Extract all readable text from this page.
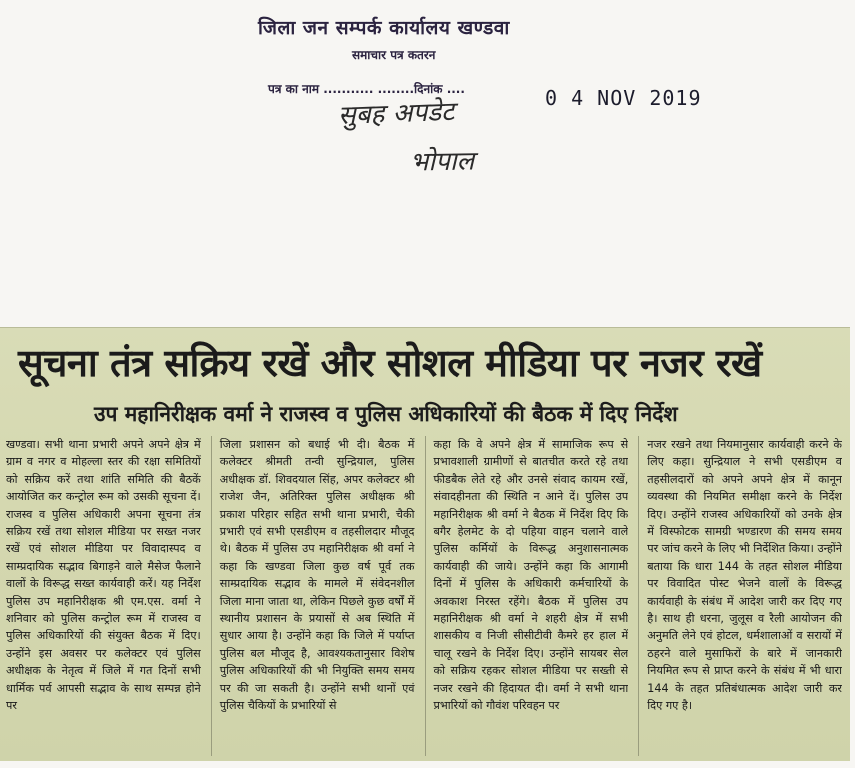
जिला जन सम्पर्क कार्यालय खण्डवा
समाचार पत्र कतरन
पत्र का नाम ........... ........दिनांक ....	0 4 NOV 2019
सुबह अपडेट
भोपाल
सूचना तंत्र सक्रिय रखें और सोशल मीडिया पर नजर रखें
उप महानिरीक्षक वर्मा ने राजस्व व पुलिस अधिकारियों की बैठक में दिए निर्देश
खण्डवा। सभी थाना प्रभारी अपने अपने क्षेत्र में ग्राम व नगर व मोहल्ला स्तर की रक्षा समितियों को सक्रिय करें तथा शांति समिति की बैठकें आयोजित कर कन्ट्रोल रूम को उसकी सूचना दें। राजस्व व पुलिस अधिकारी अपना सूचना तंत्र सक्रिय रखें तथा सोशल मीडिया पर सख्त नजर रखें एवं सोशल मीडिया पर विवादास्पद व साम्प्रदायिक सद्भाव बिगाड़ने वाले मैसेज फैलाने वालों के विरूद्ध सख्त कार्यवाही करें। यह निर्देश पुलिस उप महानिरीक्षक श्री एम.एस. वर्मा ने शनिवार को पुलिस कन्ट्रोल रूम में राजस्व व पुलिस अधिकारियों की संयुक्त बैठक में दिए। उन्होंने इस अवसर पर कलेक्टर एवं पुलिस अधीक्षक के नेतृत्व में जिले में गत दिनों सभी धार्मिक पर्व आपसी सद्भाव के साथ सम्पन्न होने पर
जिला प्रशासन को बधाई भी दी। बैठक में कलेक्टर श्रीमती तन्वी सुन्द्रियाल, पुलिस अधीक्षक डॉ. शिवदयाल सिंह, अपर कलेक्टर श्री राजेश जैन, अतिरिक्त पुलिस अधीक्षक श्री प्रकाश परिहार सहित सभी थाना प्रभारी, चैकी प्रभारी एवं सभी एसडीएम व तहसीलदार मौजूद थे। बैठक में पुलिस उप महानिरीक्षक श्री वर्मा ने कहा कि खण्डवा जिला कुछ वर्ष पूर्व तक साम्प्रदायिक सद्भाव के मामले में संवेदनशील जिला माना जाता था, लेकिन पिछले कुछ वर्षों में स्थानीय प्रशासन के प्रयासों से अब स्थिति में सुधार आया है। उन्होंने कहा कि जिले में पर्याप्त पुलिस बल मौजूद है, आवश्यकतानुसार विशेष पुलिस अधिकारियों की भी नियुक्ति समय समय पर की जा सकती है। उन्होंने सभी थानों एवं पुलिस चैकियों के प्रभारियों से
कहा कि वे अपने क्षेत्र में सामाजिक रूप से प्रभावशाली ग्रामीणों से बातचीत करते रहे तथा फीडबैक लेते रहे और उनसे संवाद कायम रखें, संवादहीनता की स्थिति न आने दें। पुलिस उप महानिरीक्षक श्री वर्मा ने बैठक में निर्देश दिए कि बगैर हेलमेट के दो पहिया वाहन चलाने वाले पुलिस कर्मियों के विरूद्ध अनुशासनात्मक कार्यवाही की जाये। उन्होंने कहा कि आगामी दिनों में पुलिस के अधिकारी कर्मचारियों के अवकाश निरस्त रहेंगे। बैठक में पुलिस उप महानिरीक्षक श्री वर्मा ने शहरी क्षेत्र में सभी शासकीय व निजी सीसीटीवी कैमरे हर हाल में चालू रखने के निर्देश दिए। उन्होंने सायबर सेल को सक्रिय रहकर सोशल मीडिया पर सख्ती से नजर रखने की हिदायत दी। वर्मा ने सभी थाना प्रभारियों को गौवंश परिवहन पर
नजर रखने तथा नियमानुसार कार्यवाही करने के लिए कहा। सुन्द्रियाल ने सभी एसडीएम व तहसीलदारों को अपने अपने क्षेत्र में कानून व्यवस्था की नियमित समीक्षा करने के निर्देश दिए। उन्होंने राजस्व अधिकारियों को उनके क्षेत्र में विस्फोटक सामग्री भण्डारण की समय समय पर जांच करने के लिए भी निर्देशित किया। उन्होंने बताया कि धारा 144 के तहत सोशल मीडिया पर विवादित पोस्ट भेजने वालों के विरूद्ध कार्यवाही के संबंध में आदेश जारी कर दिए गए है। साथ ही धरना, जुलूस व रैली आयोजन की अनुमति लेने एवं होटल, धर्मशालाओं व सरायों में ठहरने वाले मुसाफिरों के बारे में जानकारी नियमित रूप से प्राप्त करने के संबंध में भी धारा 144 के तहत प्रतिबंधात्मक आदेश जारी कर दिए गए है।
